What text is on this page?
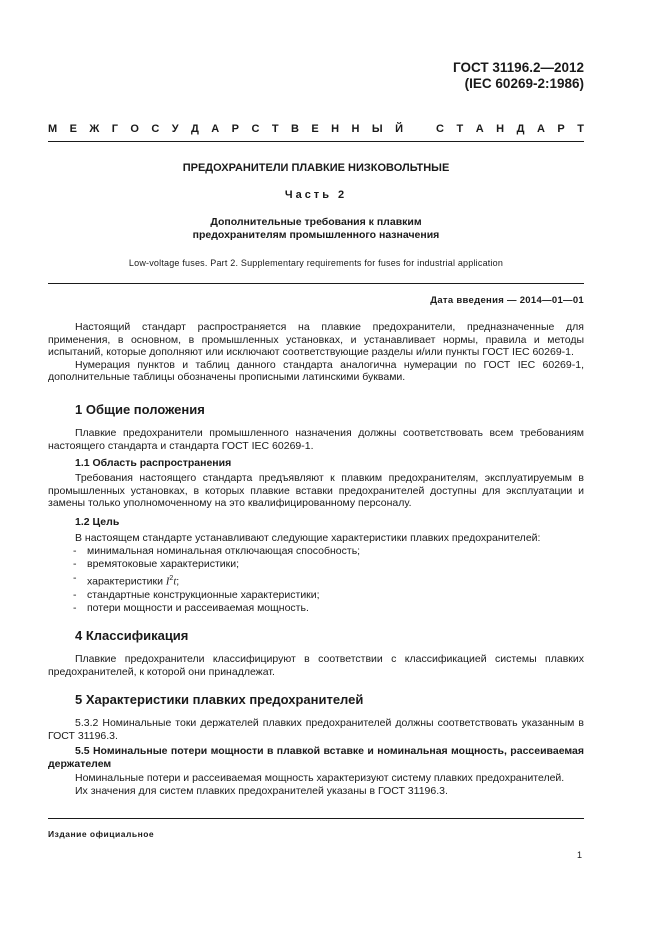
ГОСТ 31196.2—2012
(IEC 60269-2:1986)
М Е Ж Г О С У Д А Р С Т В Е Н Н Ы Й	С Т А Н Д А Р Т
ПРЕДОХРАНИТЕЛИ ПЛАВКИЕ НИЗКОВОЛЬТНЫЕ
Часть 2
Дополнительные требования к плавким
предохранителям промышленного назначения
Low-voltage fuses. Part 2. Supplementary requirements for fuses for industrial application
Дата введения — 2014—01—01

Настоящий стандарт распространяется на плавкие предохранители, предназначенные для применения, в основном, в промышленных установках, и устанавливает нормы, правила и методы испытаний, которые дополняют или исключают соответствующие разделы и/или пункты ГОСТ IEC 60269-1.

Нумерация пунктов и таблиц данного стандарта аналогична нумерации по ГОСТ IEC 60269-1, дополнительные таблицы обозначены прописными латинскими буквами.

1 Общие положения

Плавкие предохранители промышленного назначения должны соответствовать всем требованиям настоящего стандарта и стандарта ГОСТ IEC 60269-1.

1.1 Область распространения

Требования настоящего стандарта предъявляют к плавким предохранителям, эксплуатируемым в промышленных установках, в которых плавкие вставки предохранителей доступны для эксплуатации и замены только уполномоченному на это квалифицированному персоналу.

1.2 Цель

В настоящем стандарте устанавливают следующие характеристики плавких предохранителей:

-	минимальная номинальная отключающая способность;
-	времятоковые характеристики;
-	характеристики $I^2t$;
-	стандартные конструкционные характеристики;
-	потери мощности и рассеиваемая мощность.
4 Классификация

Плавкие предохранители классифицируют в соответствии с классификацией системы плавких предохранителей, к которой они принадлежат.

5 Характеристики плавких предохранителей

5.3.2 Номинальные токи держателей плавких предохранителей должны соответствовать указанным в ГОСТ 31196.3.

5.5 Номинальные потери мощности в плавкой вставке и номинальная мощность, рассеиваемая держателем

Номинальные потери и рассеиваемая мощность характеризуют систему плавких предохранителей.

Их значения для систем плавких предохранителей указаны в ГОСТ 31196.3.

Издание официальное
1
